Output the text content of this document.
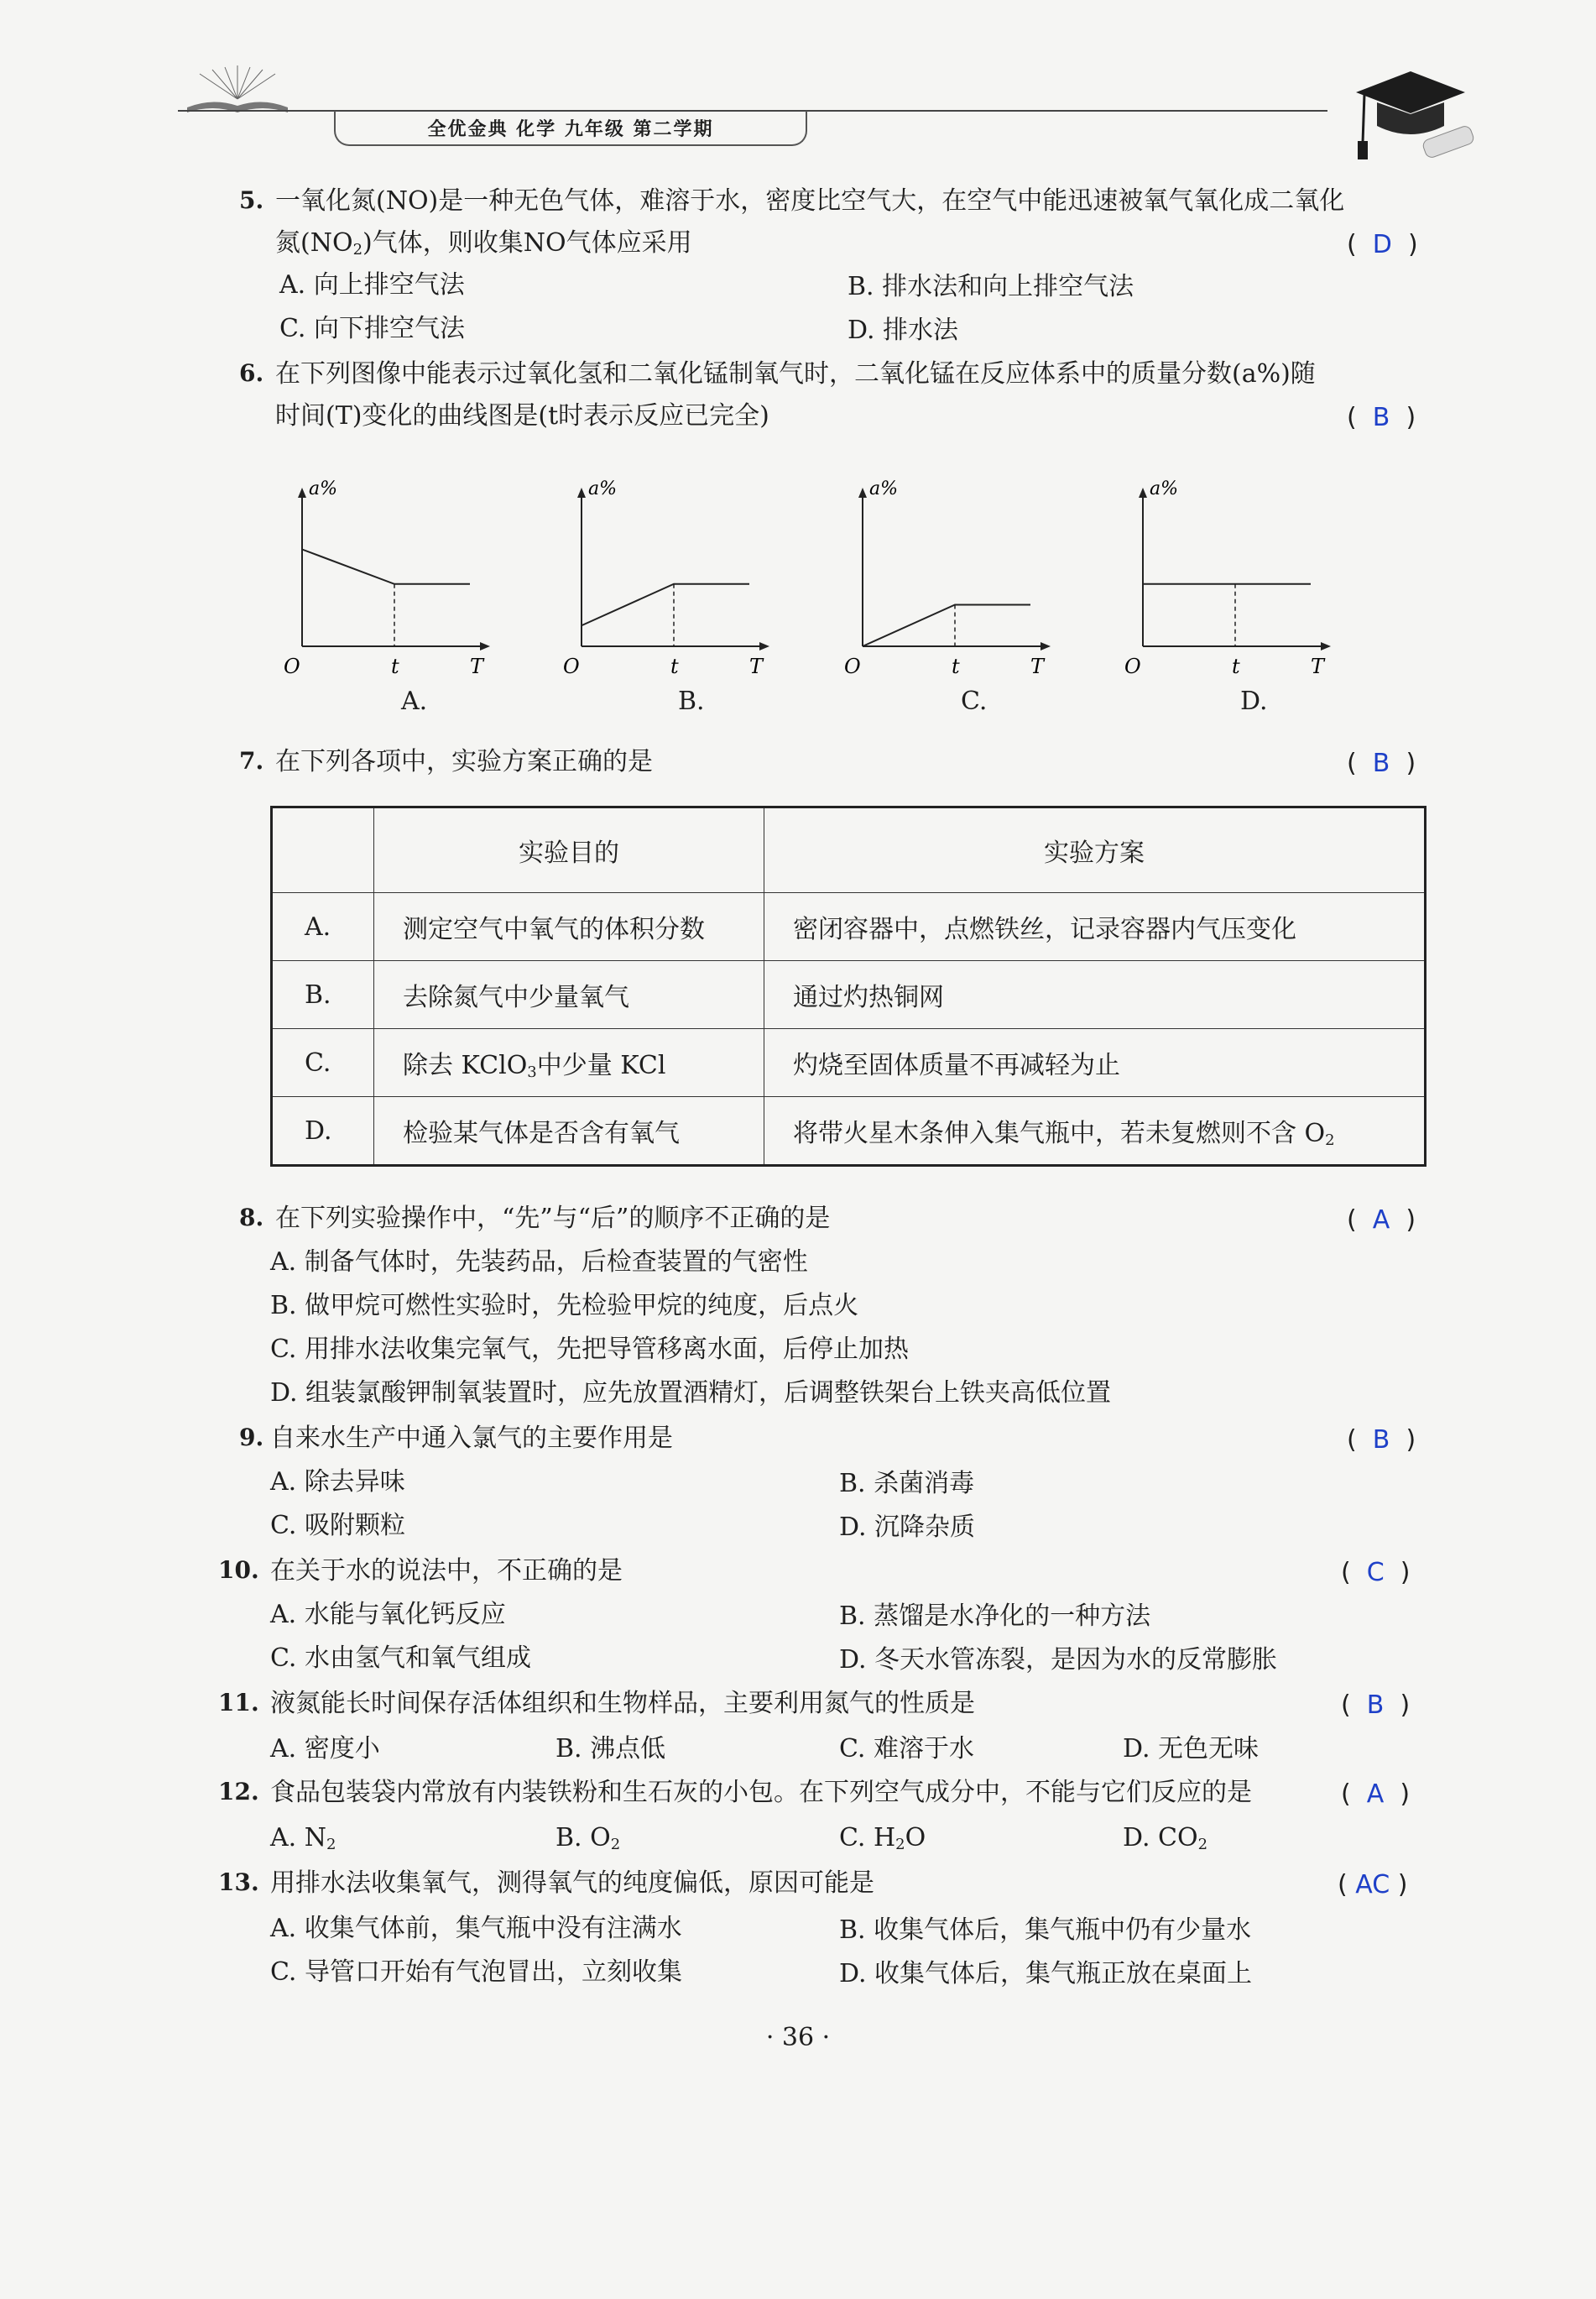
全优金典 化学 九年级 第二学期
5. 一氧化氮(NO)是一种无色气体，难溶于水，密度比空气大，在空气中能迅速被氧气氧化成二氧化
氮$(NO_2)$气体，则收集NO气体应采用	(  D  )
A. 向上排空气法	B. 排水法和向上排空气法
C. 向下排空气法	D. 排水法
6. 在下列图像中能表示过氧化氢和二氧化锰制氧气时，二氧化锰在反应体系中的质量分数(a%)随
时间(T)变化的曲线图是(t时表示反应已完全)	(  B  )
a%
O	t	T
a%
O	t	T
a%
O	t	T
a%
O	t	T
A.	B.	C.	D.
7. 在下列各项中，实验方案正确的是	(  B  )
	实验目的	实验方案
A.	测定空气中氧气的体积分数	密闭容器中，点燃铁丝，记录容器内气压变化
B.	去除氮气中少量氧气	通过灼热铜网
C.	除去 KClO$_3$中少量 KCl	灼烧至固体质量不再减轻为止
D.	检验某气体是否含有氧气	将带火星木条伸入集气瓶中，若未复燃则不含 $O_2$
8. 在下列实验操作中，“先”与“后”的顺序不正确的是	(  A  )
A. 制备气体时，先装药品，后检查装置的气密性
B. 做甲烷可燃性实验时，先检验甲烷的纯度，后点火
C. 用排水法收集完氧气，先把导管移离水面，后停止加热
D. 组装氯酸钾制氧装置时，应先放置酒精灯，后调整铁架台上铁夹高低位置
9. 自来水生产中通入氯气的主要作用是	(  B  )
A. 除去异味	B. 杀菌消毒
C. 吸附颗粒	D. 沉降杂质
10. 在关于水的说法中，不正确的是	(  C  )
A. 水能与氧化钙反应	B. 蒸馏是水净化的一种方法
C. 水由氢气和氧气组成	D. 冬天水管冻裂，是因为水的反常膨胀
11. 液氮能长时间保存活体组织和生物样品，主要利用氮气的性质是	(  B  )
A. 密度小	B. 沸点低	C. 难溶于水	D. 无色无味
12. 食品包装袋内常放有内装铁粉和生石灰的小包。在下列空气成分中，不能与它们反应的是	(  A  )
A. $N_2$	B. $O_2$	C. $H_2O$	D. $CO_2$
13. 用排水法收集氧气，测得氧气的纯度偏低，原因可能是	( AC )
A. 收集气体前，集气瓶中没有注满水	B. 收集气体后，集气瓶中仍有少量水
C. 导管口开始有气泡冒出，立刻收集	D. 收集气体后，集气瓶正放在桌面上
· 36 ·
